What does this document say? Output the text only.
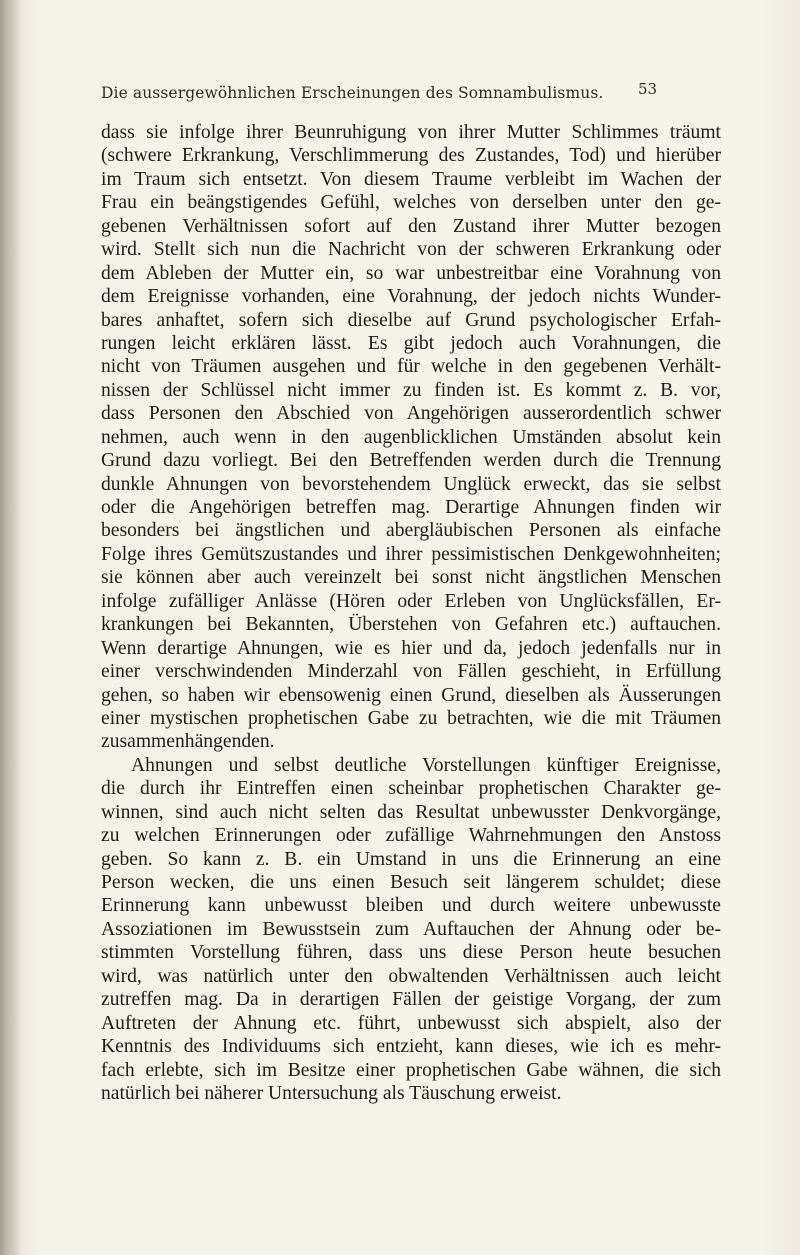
Die aussergewöhnlichen Erscheinungen des Somnambulismus.	53
dass sie infolge ihrer Beunruhigung von ihrer Mutter Schlimmes träumt
(schwere Erkrankung, Verschlimmerung des Zustandes, Tod) und hierüber
im Traum sich entsetzt. Von diesem Traume verbleibt im Wachen der
Frau ein beängstigendes Gefühl, welches von derselben unter den ge-
gebenen Verhältnissen sofort auf den Zustand ihrer Mutter bezogen
wird. Stellt sich nun die Nachricht von der schweren Erkrankung oder
dem Ableben der Mutter ein, so war unbestreitbar eine Vorahnung von
dem Ereignisse vorhanden, eine Vorahnung, der jedoch nichts Wunder-
bares anhaftet, sofern sich dieselbe auf Grund psychologischer Erfah-
rungen leicht erklären lässt. Es gibt jedoch auch Vorahnungen, die
nicht von Träumen ausgehen und für welche in den gegebenen Verhält-
nissen der Schlüssel nicht immer zu finden ist. Es kommt z. B. vor,
dass Personen den Abschied von Angehörigen ausserordentlich schwer
nehmen, auch wenn in den augenblicklichen Umständen absolut kein
Grund dazu vorliegt. Bei den Betreffenden werden durch die Trennung
dunkle Ahnungen von bevorstehendem Unglück erweckt, das sie selbst
oder die Angehörigen betreffen mag. Derartige Ahnungen finden wir
besonders bei ängstlichen und abergläubischen Personen als einfache
Folge ihres Gemütszustandes und ihrer pessimistischen Denkgewohnheiten;
sie können aber auch vereinzelt bei sonst nicht ängstlichen Menschen
infolge zufälliger Anlässe (Hören oder Erleben von Unglücksfällen, Er-
krankungen bei Bekannten, Überstehen von Gefahren etc.) auftauchen.
Wenn derartige Ahnungen, wie es hier und da, jedoch jedenfalls nur in
einer verschwindenden Minderzahl von Fällen geschieht, in Erfüllung
gehen, so haben wir ebensowenig einen Grund, dieselben als Äusserungen
einer mystischen prophetischen Gabe zu betrachten, wie die mit Träumen
zusammenhängenden.
Ahnungen und selbst deutliche Vorstellungen künftiger Ereignisse,
die durch ihr Eintreffen einen scheinbar prophetischen Charakter ge-
winnen, sind auch nicht selten das Resultat unbewusster Denkvorgänge,
zu welchen Erinnerungen oder zufällige Wahrnehmungen den Anstoss
geben. So kann z. B. ein Umstand in uns die Erinnerung an eine
Person wecken, die uns einen Besuch seit längerem schuldet; diese
Erinnerung kann unbewusst bleiben und durch weitere unbewusste
Assoziationen im Bewusstsein zum Auftauchen der Ahnung oder be-
stimmten Vorstellung führen, dass uns diese Person heute besuchen
wird, was natürlich unter den obwaltenden Verhältnissen auch leicht
zutreffen mag. Da in derartigen Fällen der geistige Vorgang, der zum
Auftreten der Ahnung etc. führt, unbewusst sich abspielt, also der
Kenntnis des Individuums sich entzieht, kann dieses, wie ich es mehr-
fach erlebte, sich im Besitze einer prophetischen Gabe wähnen, die sich
natürlich bei näherer Untersuchung als Täuschung erweist.
